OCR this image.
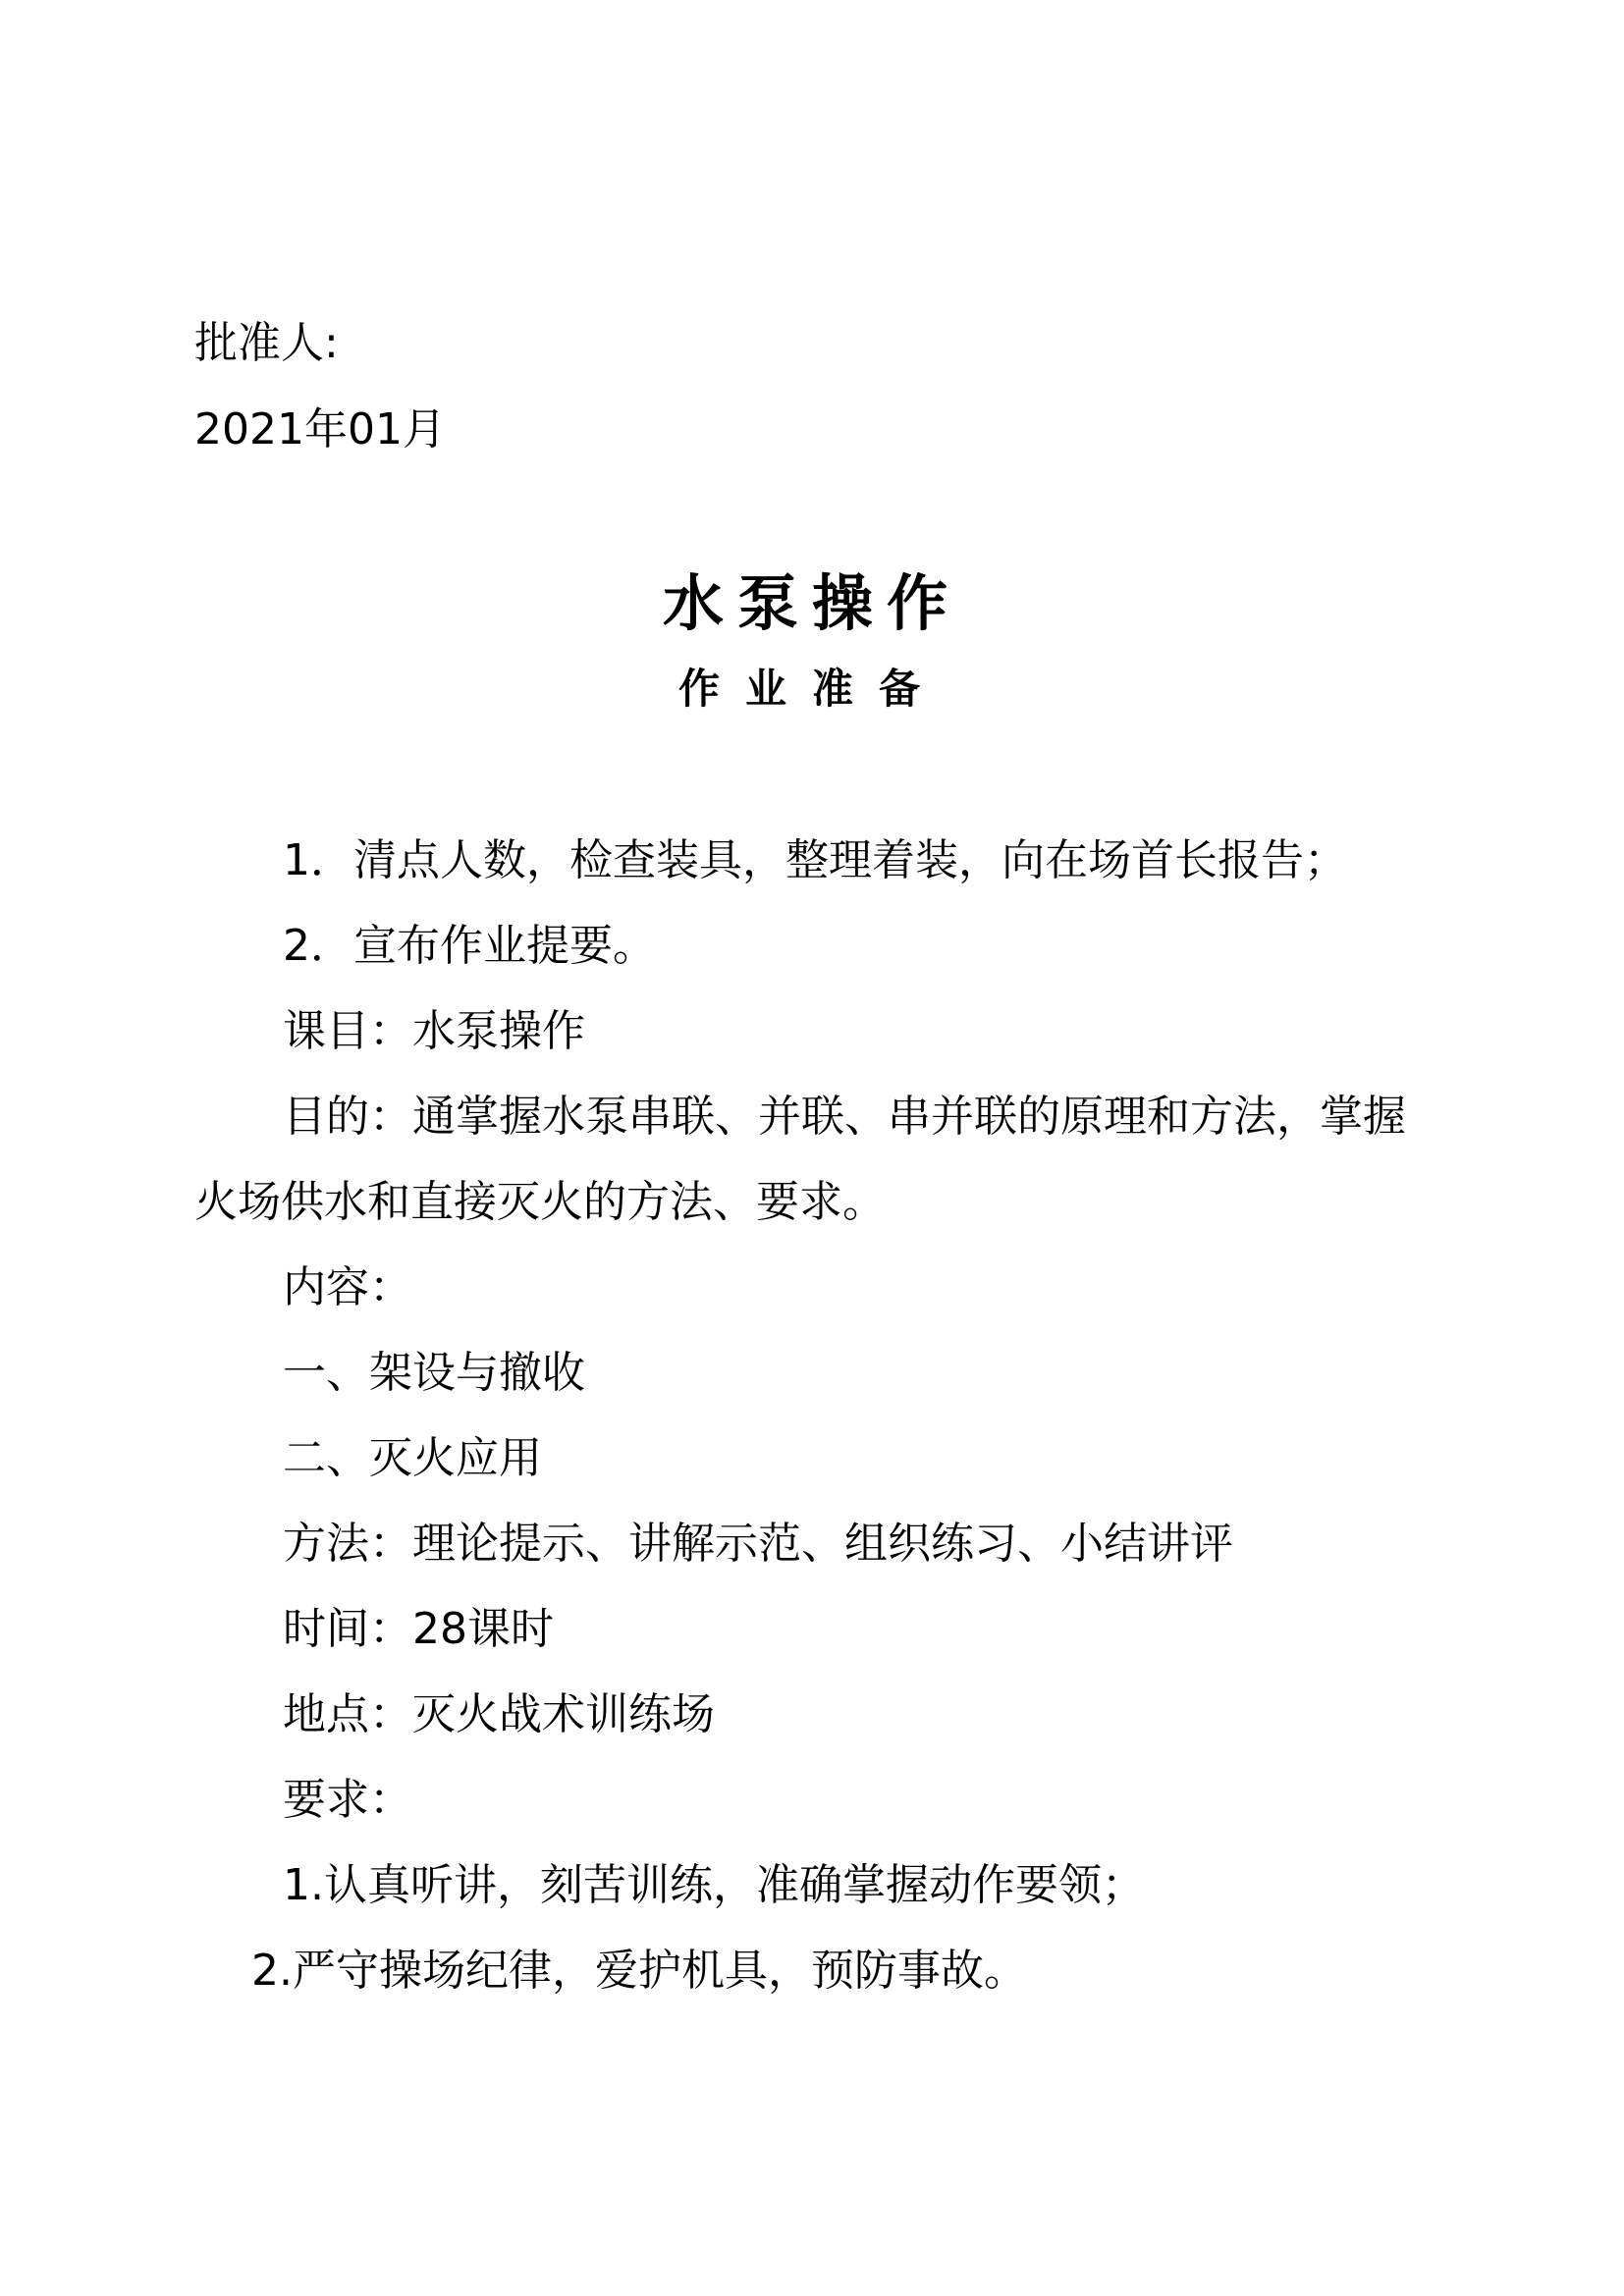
批准人:

2021年01月

水泵操作
作业准备

1．清点人数，检查装具，整理着装，向在场首长报告；

2．宣布作业提要。

课目：水泵操作

目的：通掌握水泵串联、并联、串并联的原理和方法，掌握

火场供水和直接灭火的方法、要求。

内容：

一、架设与撤收

二、灭火应用

方法：理论提示、讲解示范、组织练习、小结讲评

时间：28课时

地点：灭火战术训练场

要求：

1.认真听讲，刻苦训练，准确掌握动作要领；

2.严守操场纪律，爱护机具，预防事故。
